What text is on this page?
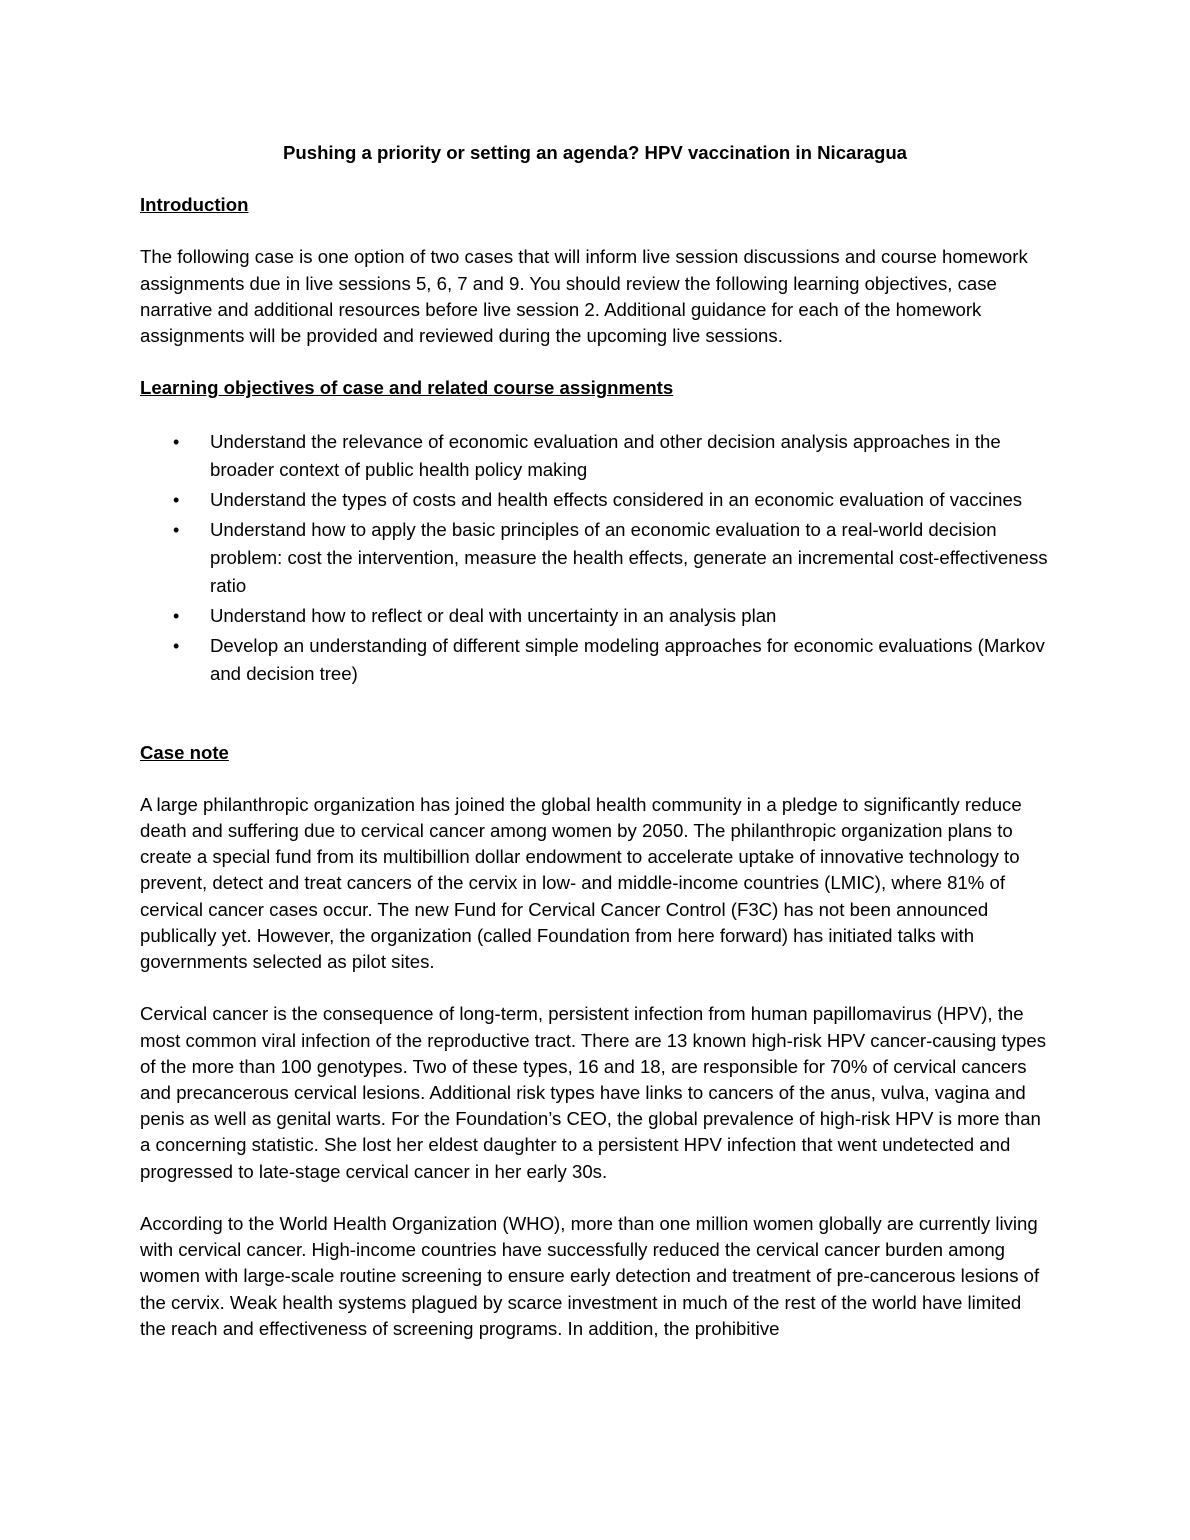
Pushing a priority or setting an agenda? HPV vaccination in Nicaragua

Introduction

The following case is one option of two cases that will inform live session discussions and course homework assignments due in live sessions 5, 6, 7 and 9. You should review the following learning objectives, case narrative and additional resources before live session 2. Additional guidance for each of the homework assignments will be provided and reviewed during the upcoming live sessions.

Learning objectives of case and related course assignments

• Understand the relevance of economic evaluation and other decision analysis approaches in the broader context of public health policy making
• Understand the types of costs and health effects considered in an economic evaluation of vaccines
• Understand how to apply the basic principles of an economic evaluation to a real-world decision problem: cost the intervention, measure the health effects, generate an incremental cost-effectiveness ratio
• Understand how to reflect or deal with uncertainty in an analysis plan
• Develop an understanding of different simple modeling approaches for economic evaluations (Markov and decision tree)

Case note

A large philanthropic organization has joined the global health community in a pledge to significantly reduce death and suffering due to cervical cancer among women by 2050. The philanthropic organization plans to create a special fund from its multibillion dollar endowment to accelerate uptake of innovative technology to prevent, detect and treat cancers of the cervix in low- and middle-income countries (LMIC), where 81% of cervical cancer cases occur. The new Fund for Cervical Cancer Control (F3C) has not been announced publically yet. However, the organization (called Foundation from here forward) has initiated talks with governments selected as pilot sites.

Cervical cancer is the consequence of long-term, persistent infection from human papillomavirus (HPV), the most common viral infection of the reproductive tract. There are 13 known high-risk HPV cancer-causing types of the more than 100 genotypes. Two of these types, 16 and 18, are responsible for 70% of cervical cancers and precancerous cervical lesions. Additional risk types have links to cancers of the anus, vulva, vagina and penis as well as genital warts. For the Foundation’s CEO, the global prevalence of high-risk HPV is more than a concerning statistic. She lost her eldest daughter to a persistent HPV infection that went undetected and progressed to late-stage cervical cancer in her early 30s.

According to the World Health Organization (WHO), more than one million women globally are currently living with cervical cancer. High-income countries have successfully reduced the cervical cancer burden among women with large-scale routine screening to ensure early detection and treatment of pre-cancerous lesions of the cervix. Weak health systems plagued by scarce investment in much of the rest of the world have limited the reach and effectiveness of screening programs. In addition, the prohibitive
